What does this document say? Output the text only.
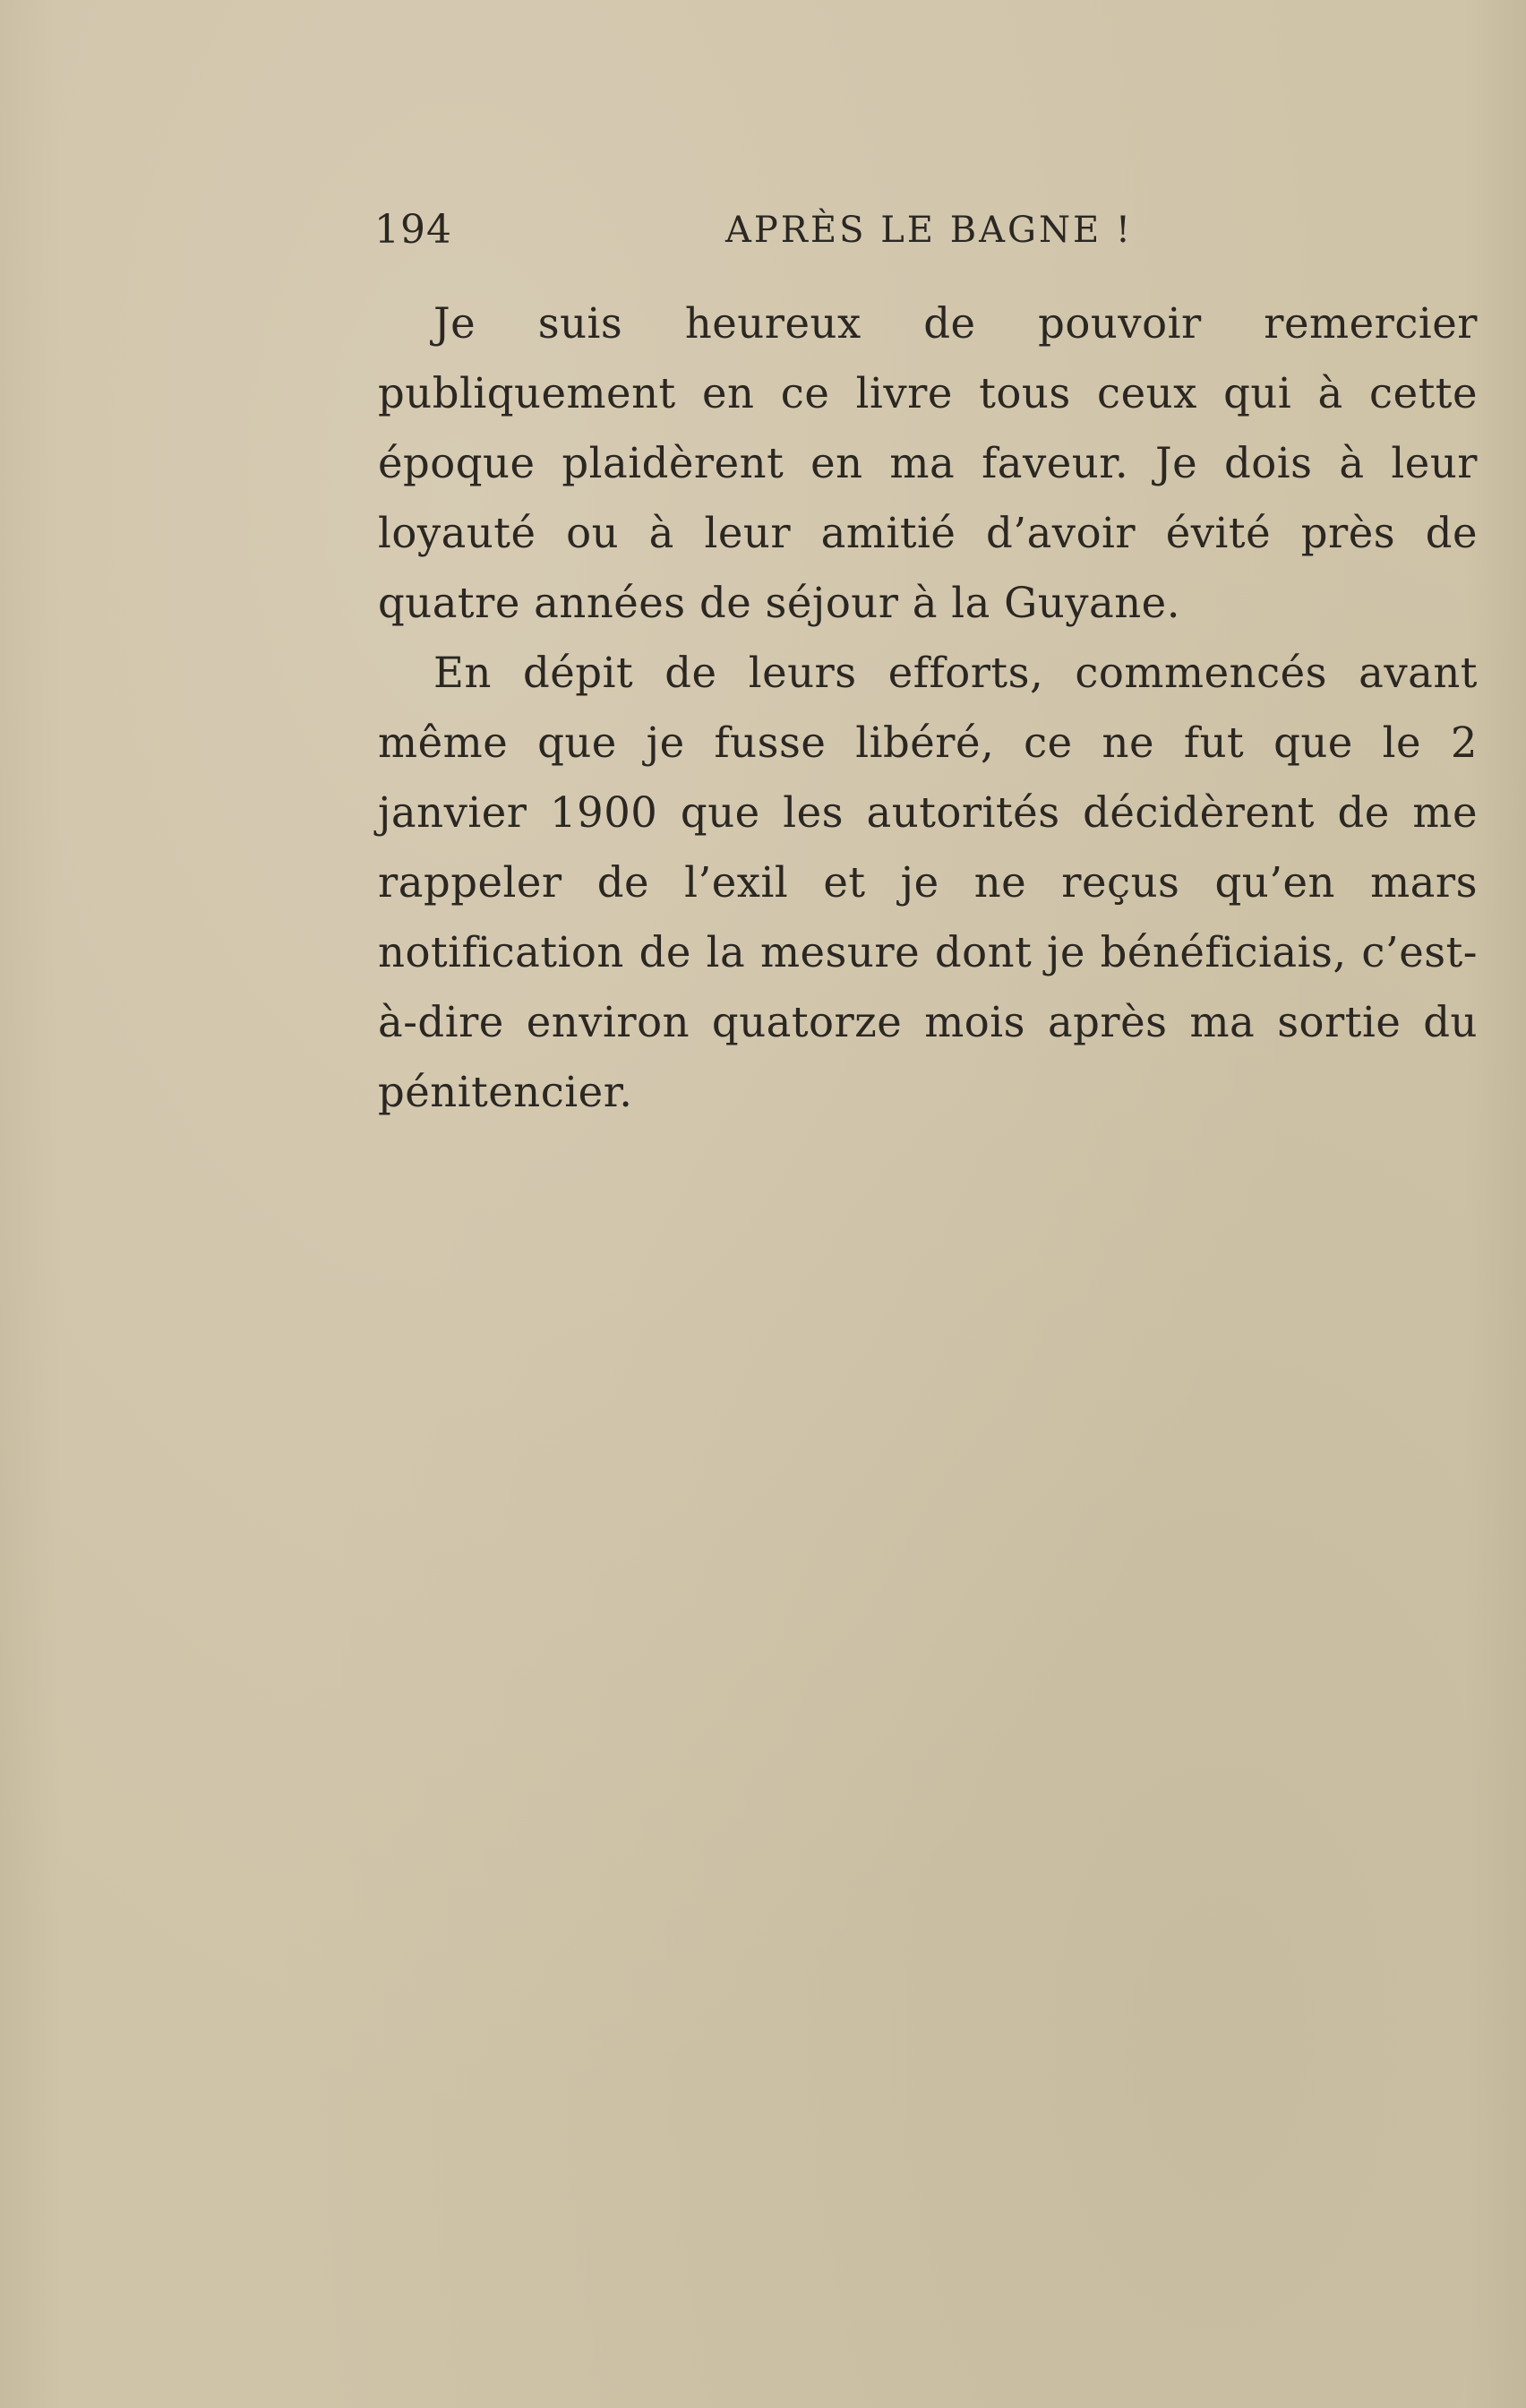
194	APRÈS LE BAGNE !

Je suis heureux de pouvoir remercier publiquement en ce livre tous ceux qui à cette époque plaidèrent en ma faveur. Je dois à leur loyauté ou à leur amitié d’avoir évité près de quatre années de séjour à la Guyane.

En dépit de leurs efforts, commencés avant même que je fusse libéré, ce ne fut que le 2 janvier 1900 que les autorités décidèrent de me rappeler de l’exil et je ne reçus qu’en mars notification de la mesure dont je bénéficiais, c’est-à-dire environ quatorze mois après ma sortie du pénitencier.
